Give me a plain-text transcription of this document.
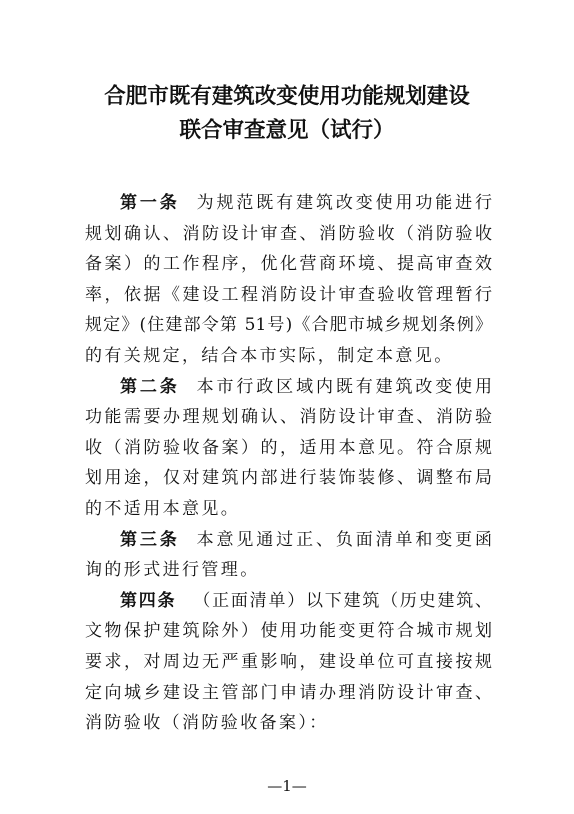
合肥市既有建筑改变使用功能规划建设
联合审查意见（试行）
第一条 为规范既有建筑改变使用功能进行
规划确认、消防设计审查、消防验收（消防验收
备案）的工作程序，优化营商环境、提高审查效
率，依据《建设工程消防设计审查验收管理暂行
规定》(住建部令第 51号)《合肥市城乡规划条例》
的有关规定，结合本市实际，制定本意见。
第二条 本市行政区域内既有建筑改变使用
功能需要办理规划确认、消防设计审查、消防验
收（消防验收备案）的，适用本意见。符合原规
划用途，仅对建筑内部进行装饰装修、调整布局
的不适用本意见。
第三条 本意见通过正、负面清单和变更函
询的形式进行管理。
第四条 （正面清单）以下建筑（历史建筑、
文物保护建筑除外）使用功能变更符合城市规划
要求，对周边无严重影响，建设单位可直接按规
定向城乡建设主管部门申请办理消防设计审查、
消防验收（消防验收备案）：
—1—
